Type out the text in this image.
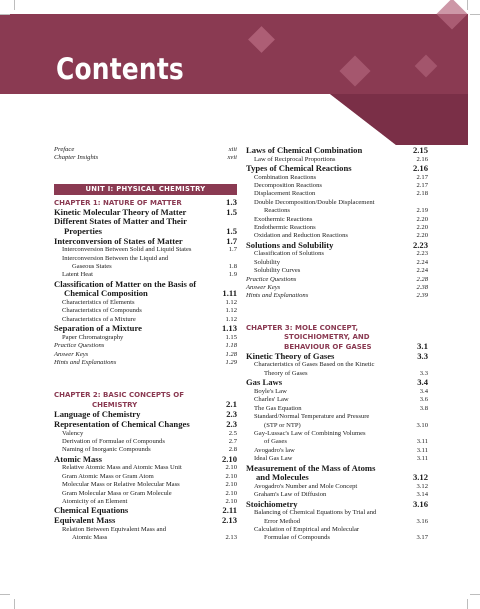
Contents
Preface	xiii
Chapter Insights	xvii
UNIT I: PHYSICAL CHEMISTRY
CHAPTER 1: NATURE OF MATTER	1.3
Kinetic Molecular Theory of Matter	1.5
Different States of Matter and Their
Properties	1.5
Interconversion of States of Matter	1.7
Interconversion Between Solid and Liquid States	1.7
Interconversion Between the Liquid and
Gaseous States	1.8
Latent Heat	1.9
Classification of Matter on the Basis of
Chemical Composition	1.11
Characteristics of Elements	1.12
Characteristics of Compounds	1.12
Characteristics of a Mixture	1.12
Separation of a Mixture	1.13
Paper Chromatography	1.15
Practice Questions	1.18
Answer Keys	1.28
Hints and Explanations	1.29
CHAPTER 2: BASIC CONCEPTS OF
CHEMISTRY	2.1
Language of Chemistry	2.3
Representation of Chemical Changes	2.3
Valency	2.5
Derivation of Formulae of Compounds	2.7
Naming of Inorganic Compounds	2.8
Atomic Mass	2.10
Relative Atomic Mass and Atomic Mass Unit	2.10
Gram Atomic Mass or Gram Atom	2.10
Molecular Mass or Relative Molecular Mass	2.10
Gram Molecular Mass or Gram Molecule	2.10
Atomicity of an Element	2.10
Chemical Equations	2.11
Equivalent Mass	2.13
Relation Between Equivalent Mass and
Atomic Mass	2.13
Laws of Chemical Combination	2.15
Law of Reciprocal Proportions	2.16
Types of Chemical Reactions	2.16
Combination Reactions	2.17
Decomposition Reactions	2.17
Displacement Reaction	2.18
Double Decomposition/Double Displacement
Reactions	2.19
Exothermic Reactions	2.20
Endothermic Reactions	2.20
Oxidation and Reduction Reactions	2.20
Solutions and Solubility	2.23
Classification of Solutions	2.23
Solubility	2.24
Solubility Curves	2.24
Practice Questions	2.28
Answer Keys	2.38
Hints and Explanations	2.39
CHAPTER 3: MOLE CONCEPT,
STOICHIOMETRY, AND
BEHAVIOUR OF GASES	3.1
Kinetic Theory of Gases	3.3
Characteristics of Gases Based on the Kinetic
Theory of Gases	3.3
Gas Laws	3.4
Boyle's Law	3.4
Charles' Law	3.6
The Gas Equation	3.8
Standard/Normal Temperature and Pressure
(STP or NTP)	3.10
Gay-Lussac's Law of Combining Volumes
of Gases	3.11
Avogadro's law	3.11
Ideal Gas Law	3.11
Measurement of the Mass of Atoms
and Molecules	3.12
Avogadro's Number and Mole Concept	3.12
Graham's Law of Diffusion	3.14
Stoichiometry	3.16
Balancing of Chemical Equations by Trial and
Error Method	3.16
Calculation of Empirical and Molecular
Formulae of Compounds	3.17
